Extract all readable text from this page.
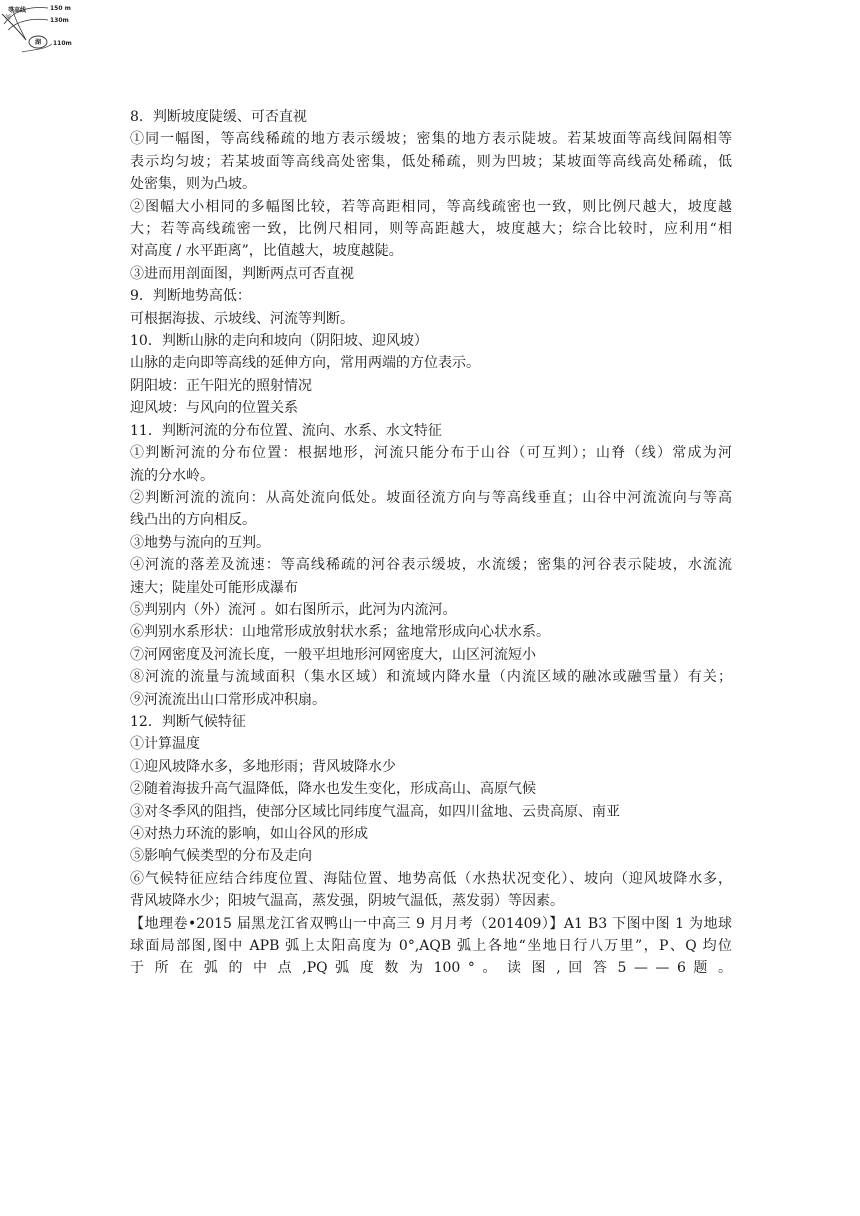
等高线
河
150 m
130m
湖 110m

8．判断坡度陡缓、可否直视

①同一幅图，等高线稀疏的地方表示缓坡；密集的地方表示陡坡。若某坡面等高线间隔相等

表示均匀坡；若某坡面等高线高处密集，低处稀疏，则为凹坡；某坡面等高线高处稀疏，低

处密集，则为凸坡。

②图幅大小相同的多幅图比较，若等高距相同，等高线疏密也一致，则比例尺越大，坡度越

大；若等高线疏密一致，比例尺相同，则等高距越大，坡度越大；综合比较时，应利用“相

对高度 / 水平距离”，比值越大，坡度越陡。

③进而用剖面图，判断两点可否直视

9．判断地势高低：

可根据海拔、示坡线、河流等判断。

10．判断山脉的走向和坡向（阴阳坡、迎风坡）

山脉的走向即等高线的延伸方向，常用两端的方位表示。

阴阳坡：正午阳光的照射情况

迎风坡：与风向的位置关系

11．判断河流的分布位置、流向、水系、水文特征

①判断河流的分布位置：根据地形，河流只能分布于山谷（可互判）；山脊（线）常成为河

流的分水岭。

②判断河流的流向：从高处流向低处。坡面径流方向与等高线垂直；山谷中河流流向与等高

线凸出的方向相反。

③地势与流向的互判。

④河流的落差及流速：等高线稀疏的河谷表示缓坡，水流缓；密集的河谷表示陡坡，水流流

速大；陡崖处可能形成瀑布

⑤判别内（外）流河 。如右图所示，此河为内流河。

⑥判别水系形状：山地常形成放射状水系；盆地常形成向心状水系。

⑦河网密度及河流长度，一般平坦地形河网密度大，山区河流短小

⑧河流的流量与流域面积（集水区域）和流域内降水量（内流区域的融冰或融雪量）有关；

⑨河流流出山口常形成冲积扇。

12．判断气候特征

①计算温度

①迎风坡降水多，多地形雨；背风坡降水少

②随着海拔升高气温降低，降水也发生变化，形成高山、高原气候

③对冬季风的阻挡，使部分区域比同纬度气温高，如四川盆地、云贵高原、南亚

④对热力环流的影响，如山谷风的形成

⑤影响气候类型的分布及走向

⑥气候特征应结合纬度位置、海陆位置、地势高低（水热状况变化）、坡向（迎风坡降水多，

背风坡降水少；阳坡气温高，蒸发强，阴坡气温低，蒸发弱）等因素。

【地理卷•2015 届黑龙江省双鸭山一中高三 9 月月考（201409）】A1 B3 下图中图 1 为地球

球面局部图,图中 APB 弧上太阳高度为 0°,AQB 弧上各地“坐地日行八万里”，P、Q 均位

于 所 在 弧 的 中 点 ,PQ 弧 度 数 为 100 ° 。 读 图 , 回 答 5 — — 6 题 。
